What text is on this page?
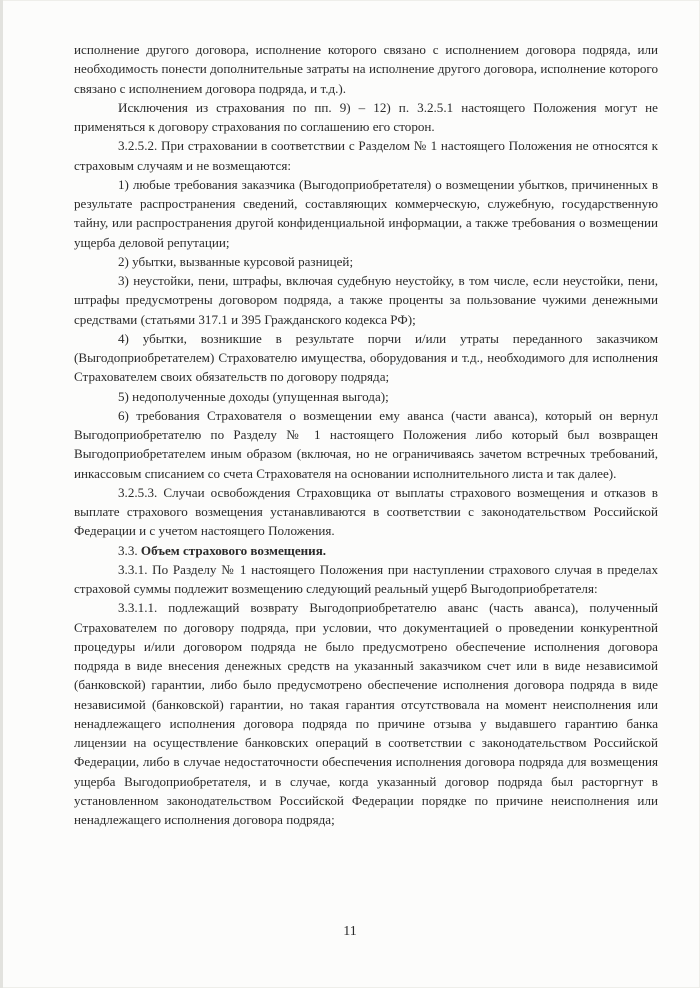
исполнение другого договора, исполнение которого связано с исполнением договора подряда, или необходимость понести дополнительные затраты на исполнение другого договора, исполнение которого связано с исполнением договора подряда, и т.д.).

Исключения из страхования по пп. 9) – 12) п. 3.2.5.1 настоящего Положения могут не применяться к договору страхования по соглашению его сторон.

3.2.5.2. При страховании в соответствии с Разделом № 1 настоящего Положения не относятся к страховым случаям и не возмещаются:

1) любые требования заказчика (Выгодоприобретателя) о возмещении убытков, причиненных в результате распространения сведений, составляющих коммерческую, служебную, государственную тайну, или распространения другой конфиденциальной информации, а также требования о возмещении ущерба деловой репутации;

2) убытки, вызванные курсовой разницей;

3) неустойки, пени, штрафы, включая судебную неустойку, в том числе, если неустойки, пени, штрафы предусмотрены договором подряда, а также проценты за пользование чужими денежными средствами (статьями 317.1 и 395 Гражданского кодекса РФ);

4) убытки, возникшие в результате порчи и/или утраты переданного заказчиком (Выгодоприобретателем) Страхователю имущества, оборудования и т.д., необходимого для исполнения Страхователем своих обязательств по договору подряда;

5) недополученные доходы (упущенная выгода);

6) требования Страхователя о возмещении ему аванса (части аванса), который он вернул Выгодоприобретателю по Разделу № 1 настоящего Положения либо который был возвращен Выгодоприобретателем иным образом (включая, но не ограничиваясь зачетом встречных требований, инкассовым списанием со счета Страхователя на основании исполнительного листа и так далее).

3.2.5.3. Случаи освобождения Страховщика от выплаты страхового возмещения и отказов в выплате страхового возмещения устанавливаются в соответствии с законодательством Российской Федерации и с учетом настоящего Положения.

3.3. Объем страхового возмещения.

3.3.1. По Разделу № 1 настоящего Положения при наступлении страхового случая в пределах страховой суммы подлежит возмещению следующий реальный ущерб Выгодоприобретателя:

3.3.1.1. подлежащий возврату Выгодоприобретателю аванс (часть аванса), полученный Страхователем по договору подряда, при условии, что документацией о проведении конкурентной процедуры и/или договором подряда не было предусмотрено обеспечение исполнения договора подряда в виде внесения денежных средств на указанный заказчиком счет или в виде независимой (банковской) гарантии, либо было предусмотрено обеспечение исполнения договора подряда в виде независимой (банковской) гарантии, но такая гарантия отсутствовала на момент неисполнения или ненадлежащего исполнения договора подряда по причине отзыва у выдавшего гарантию банка лицензии на осуществление банковских операций в соответствии с законодательством Российской Федерации, либо в случае недостаточности обеспечения исполнения договора подряда для возмещения ущерба Выгодоприобретателя, и в случае, когда указанный договор подряда был расторгнут в установленном законодательством Российской Федерации порядке по причине неисполнения или ненадлежащего исполнения договора подряда;

11
